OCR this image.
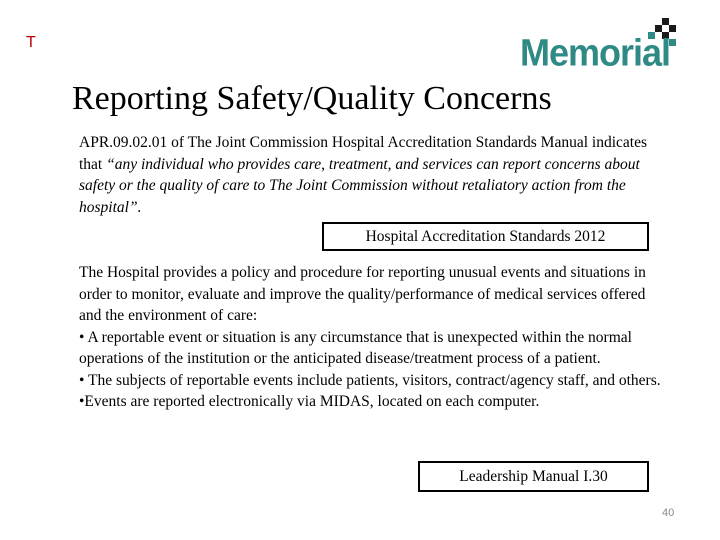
T	Memorial
Reporting Safety/Quality Concerns
APR.09.02.01 of The Joint Commission Hospital Accreditation Standards Manual indicates that “any individual who provides care, treatment, and services can report concerns about safety or the quality of care to The Joint Commission without retaliatory action from the hospital”.
Hospital Accreditation Standards 2012
The Hospital provides a policy and procedure for reporting unusual events and situations in order to monitor, evaluate and improve the quality/performance of medical services offered and the environment of care:
• A reportable event or situation is any circumstance that is unexpected within the normal operations of the institution or the anticipated disease/treatment process of a patient.
• The subjects of reportable events include patients, visitors, contract/agency staff, and others.
•Events are reported electronically via MIDAS, located on each computer.
Leadership Manual I.30
40
